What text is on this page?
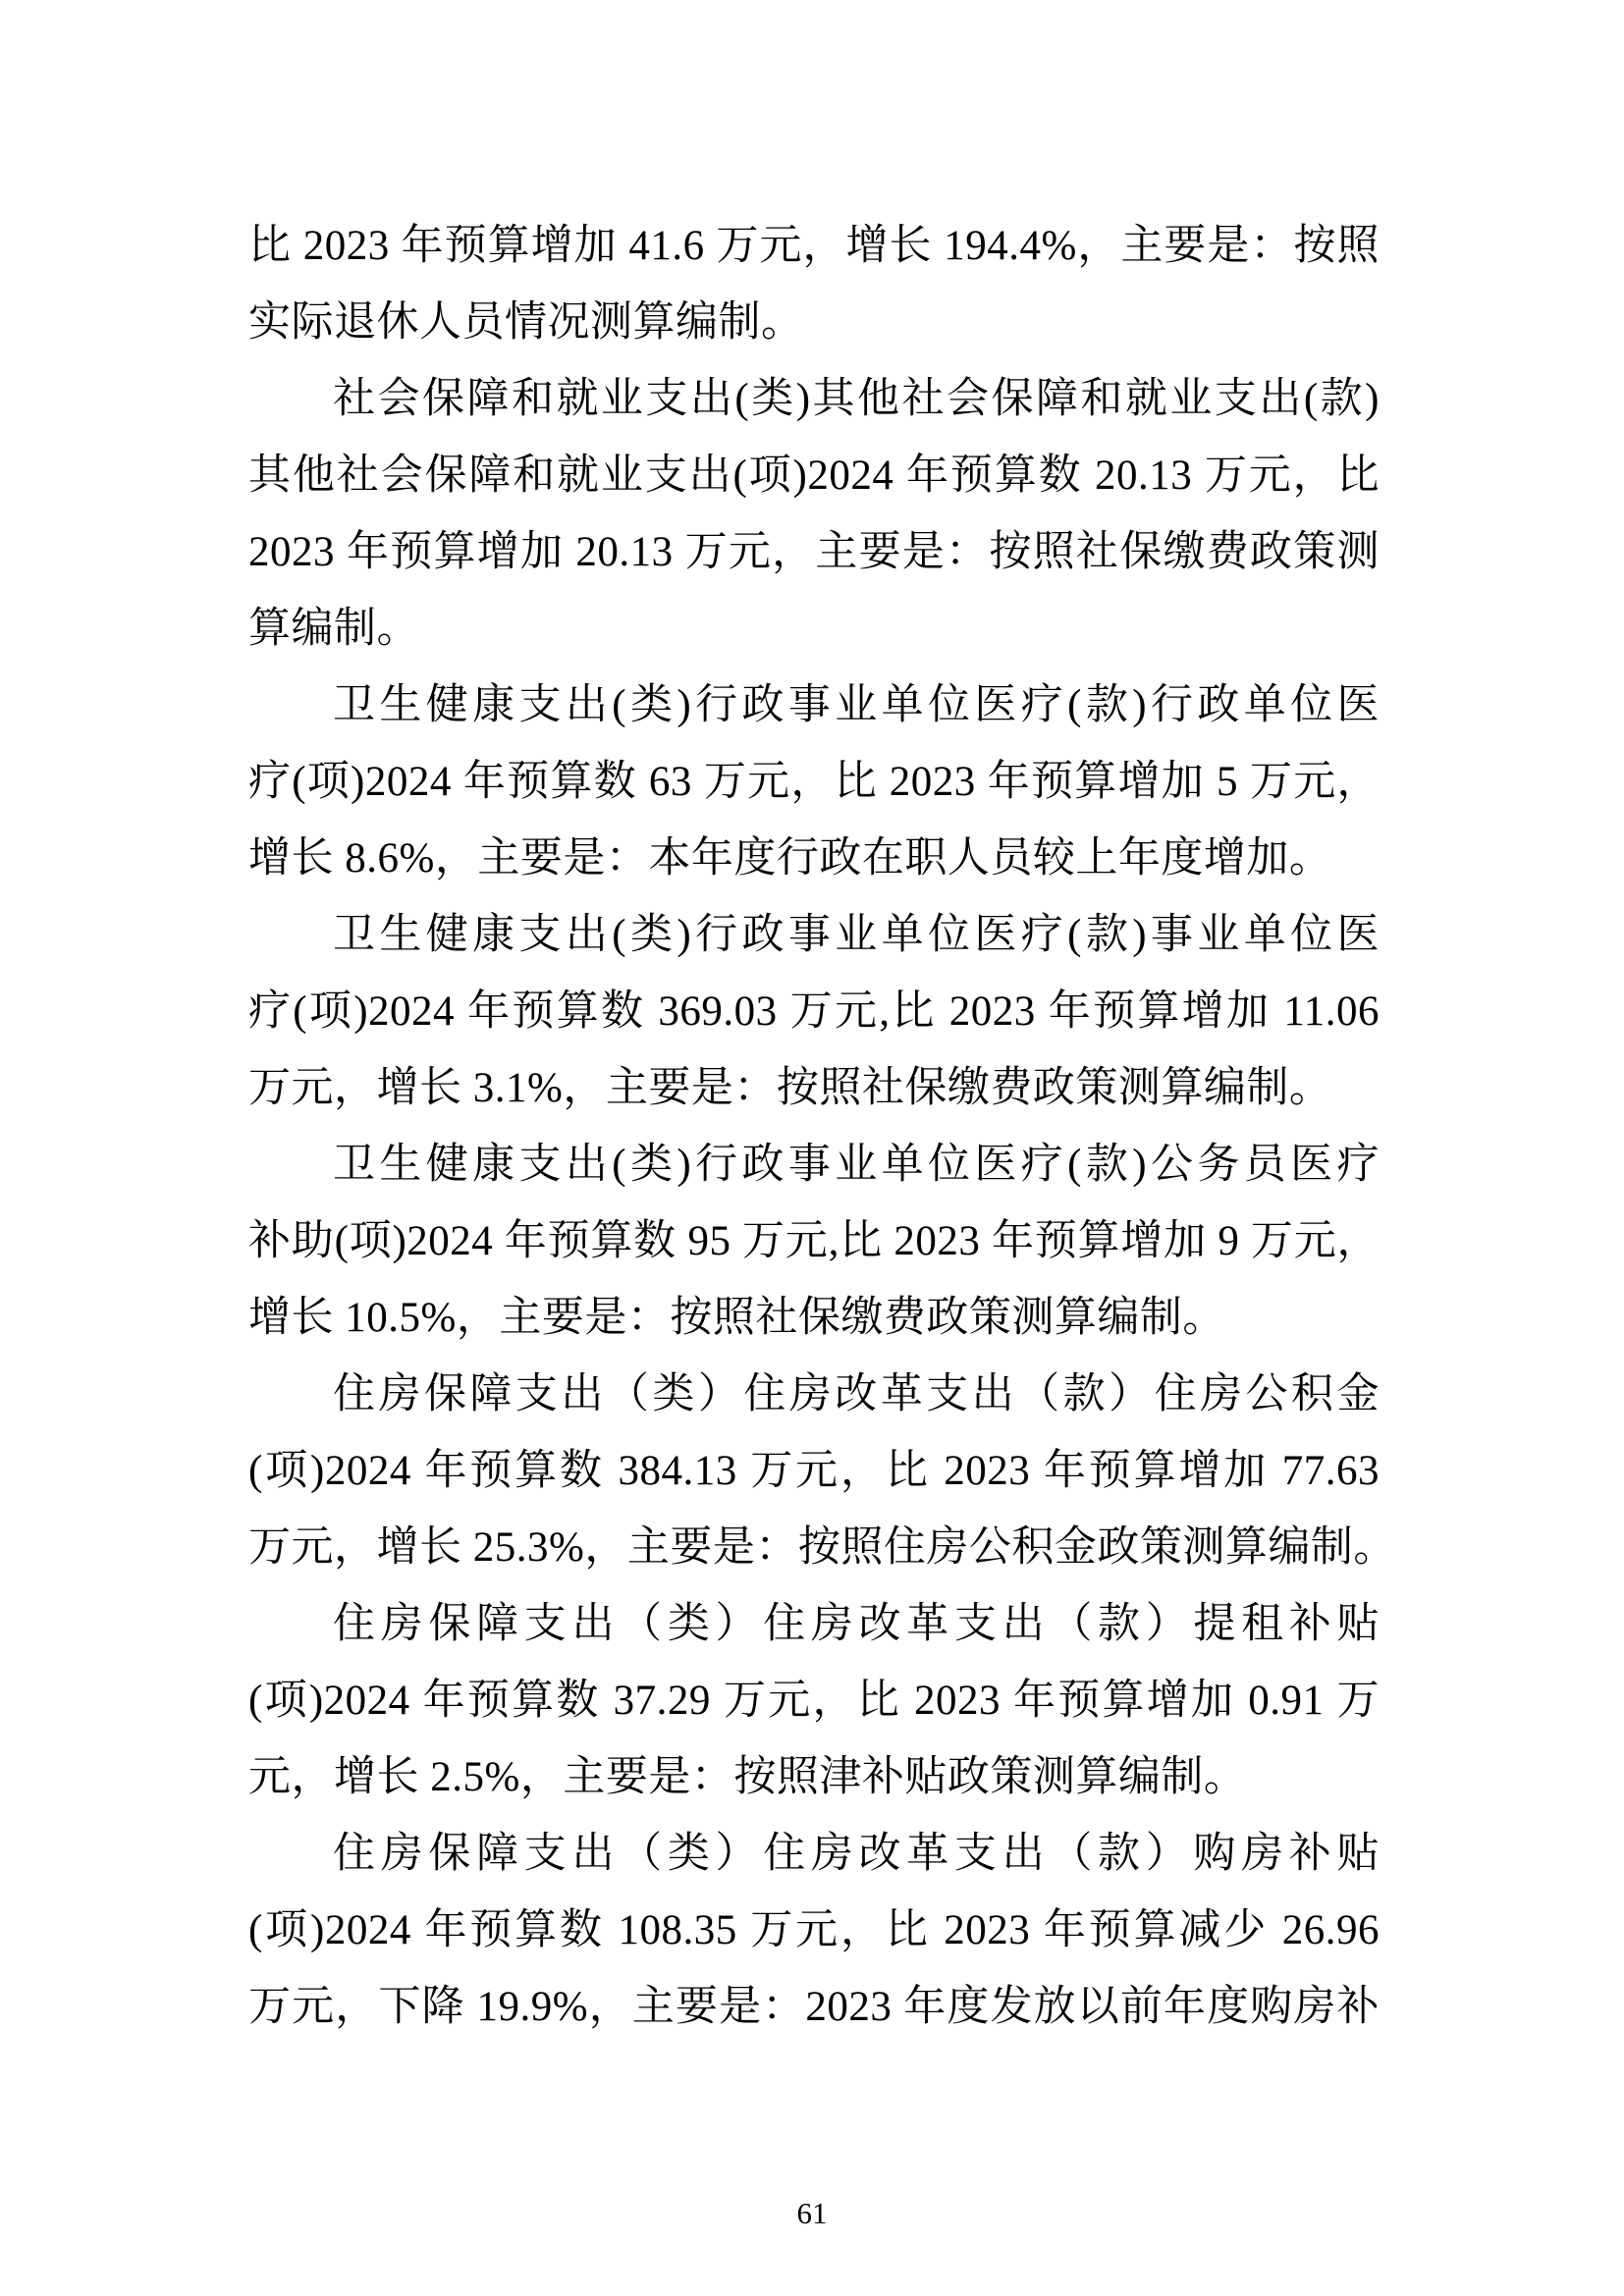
比 2023 年预算增加 41.6 万元，增长 194.4%，主要是：按照
实际退休人员情况测算编制。
社会保障和就业支出(类)其他社会保障和就业支出(款)
其他社会保障和就业支出(项)2024 年预算数 20.13 万元，比
2023 年预算增加 20.13 万元，主要是：按照社保缴费政策测
算编制。
卫生健康支出(类)行政事业单位医疗(款)行政单位医
疗(项)2024 年预算数 63 万元，比 2023 年预算增加 5 万元，
增长 8.6%，主要是：本年度行政在职人员较上年度增加。
卫生健康支出(类)行政事业单位医疗(款)事业单位医
疗(项)2024 年预算数 369.03 万元,比 2023 年预算增加 11.06
万元，增长 3.1%，主要是：按照社保缴费政策测算编制。
卫生健康支出(类)行政事业单位医疗(款)公务员医疗
补助(项)2024 年预算数 95 万元,比 2023 年预算增加 9 万元，
增长 10.5%，主要是：按照社保缴费政策测算编制。
住房保障支出（类）住房改革支出（款）住房公积金
(项)2024 年预算数 384.13 万元，比 2023 年预算增加 77.63
万元，增长 25.3%，主要是：按照住房公积金政策测算编制。
住房保障支出（类）住房改革支出（款）提租补贴
(项)2024 年预算数 37.29 万元，比 2023 年预算增加 0.91 万
元，增长 2.5%，主要是：按照津补贴政策测算编制。
住房保障支出（类）住房改革支出（款）购房补贴
(项)2024 年预算数 108.35 万元，比 2023 年预算减少 26.96
万元，下降 19.9%，主要是：2023 年度发放以前年度购房补
61
